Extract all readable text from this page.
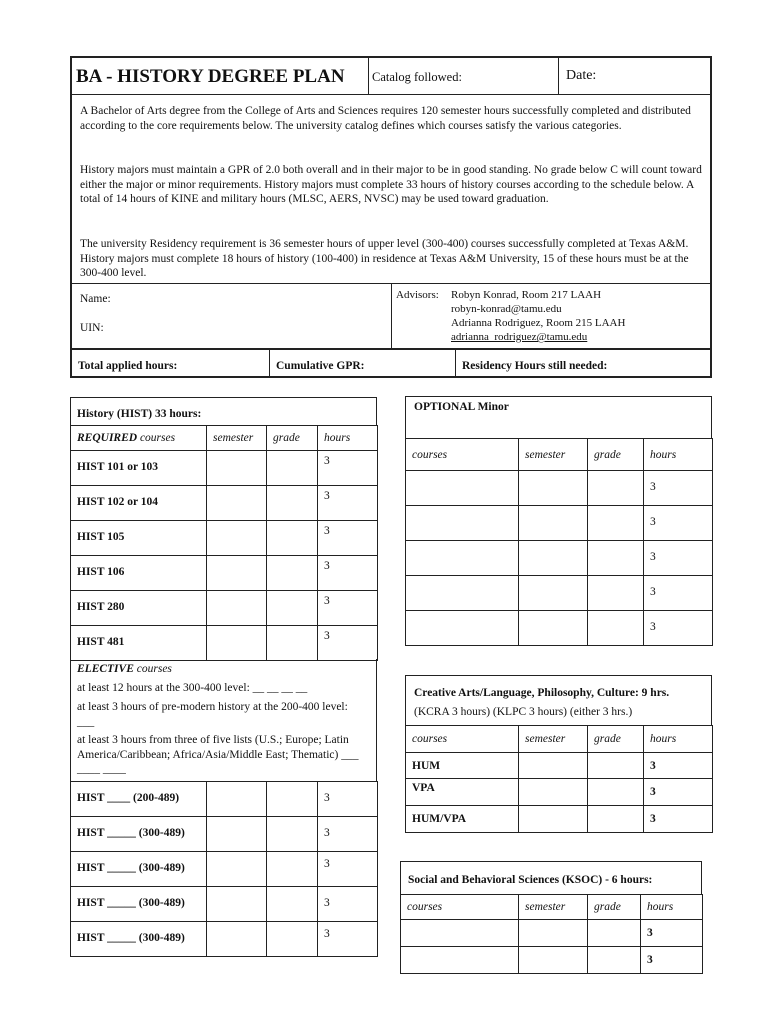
BA - HISTORY DEGREE PLAN Catalog followed:	Date:

A Bachelor of Arts degree from the College of Arts and Sciences requires 120 semester hours successfully completed and distributed according to the core requirements below. The university catalog defines which courses satisfy the various categories.

History majors must maintain a GPR of 2.0 both overall and in their major to be in good standing. No grade below C will count toward either the major or minor requirements. History majors must complete 33 hours of history courses according to the schedule below. A total of 14 hours of KINE and military hours (MLSC, AERS, NVSC) may be used toward graduation.

The university Residency requirement is 36 semester hours of upper level (300-400) courses successfully completed at Texas A&M. History majors must complete 18 hours of history (100-400) in residence at Texas A&M University, 15 of these hours must be at the 300-400 level.

Name:
UIN:
Advisors: Robyn Konrad, Room 217 LAAH
robyn-konrad@tamu.edu
Adrianna Rodriguez, Room 215 LAAH
adrianna_rodriguez@tamu.edu
Total applied hours:	Cumulative GPR:	Residency Hours still needed:
History (HIST) 33 hours:
REQUIRED courses	semester	grade	hours
HIST 101 or 103			3
HIST 102 or 104			3
HIST 105			3
HIST 106			3
HIST 280			3
HIST 481			3
ELECTIVE courses

at least 12 hours at the 300-400 level: __ __ __ __

at least 3 hours of pre-modern history at the 200-400 level: ___

at least 3 hours from three of five lists (U.S.; Europe; Latin America/Caribbean; Africa/Asia/Middle East; Thematic) ___ ____ ____

HIST ____ (200-489)			3
HIST _____ (300-489)			3
HIST _____ (300-489)			3
HIST _____ (300-489)			3
HIST _____ (300-489)			3
OPTIONAL Minor
courses	semester	grade	hours
			3
			3
			3
			3
			3
Creative Arts/Language, Philosophy, Culture: 9 hrs.
(KCRA 3 hours) (KLPC 3 hours) (either 3 hrs.)
courses	semester	grade	hours
HUM			3
VPA			3
HUM/VPA			3
Social and Behavioral Sciences (KSOC) - 6 hours:
courses	semester	grade	hours
			3
			3
